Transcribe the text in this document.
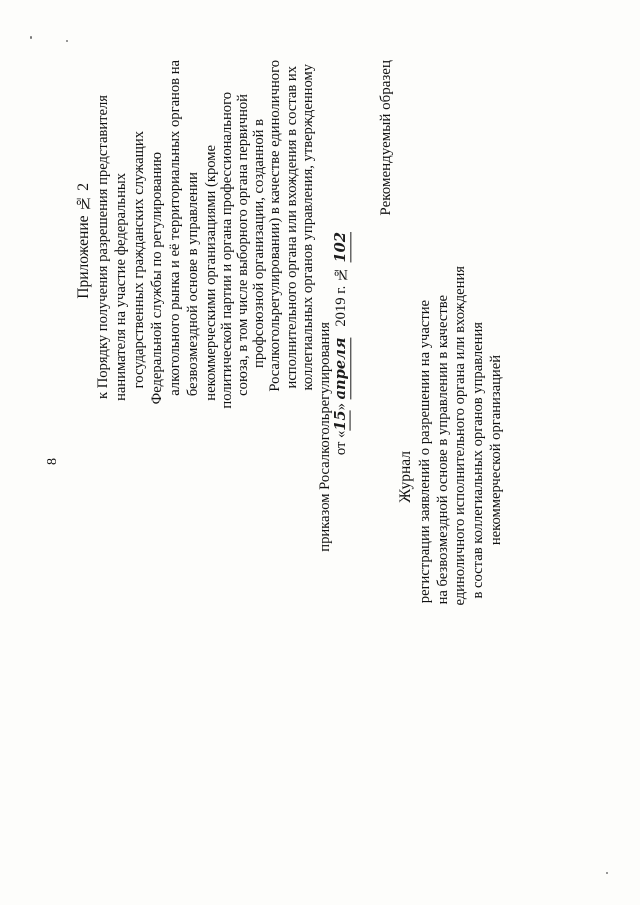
8
Приложение № 2 к Порядку получения разрешения представителя нанимателя на участие федеральных государственных гражданских служащих Федеральной службы по регулированию алкогольного рынка и её территориальных органов на безвозмездной основе в управлении некоммерческими организациями (кроме политической партии и органа профессионального союза, в том числе выборного органа первичной профсоюзной организации, созданной в Росалкогольрегулировании) в качестве единоличного исполнительного органа или вхождения в состав их коллегиальных органов управления, утвержденному
приказом Росалкогольрегулирования от «15» апреля   2019 г. № 102
Рекомендуемый образец
Журнал регистрации заявлений о разрешении на участие на безвозмездной основе в управлении в качестве единоличного исполнительного органа или вхождения в состав коллегиальных органов управления некоммерческой организацией
